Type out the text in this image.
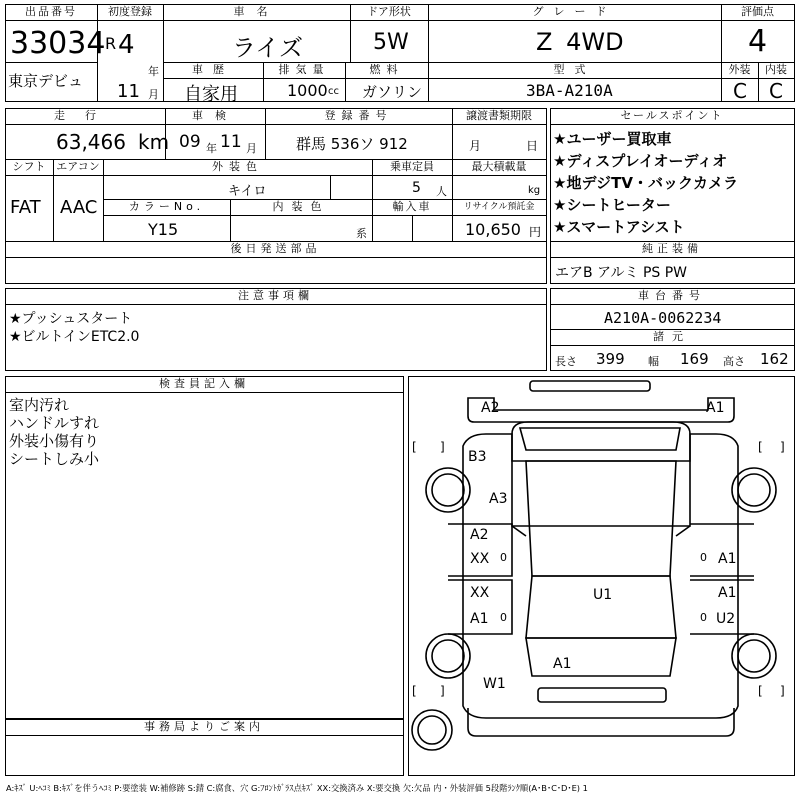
出品番号
33034
東京デビュ
初度登録
R 4
年
11 月
車名
ライズ
ドア形状
5W
グレード
Z 4WD
評価点
4
車歴
自家用
排気量
1000 cc
燃料
ガソリン
型式
3BA-A210A
外装	内装
C C
走行
63,466 km
車検
09 年 11 月
登録番号
群馬 536ソ 912
譲渡書類期限
月	日
シフト
FAT
エアコン
AAC
外装色
キイロ
乗車定員
5 人
最大積載量
kg
カラーNo.
Y15
内装色
系
輸入車	リサイクル預託金
10,650 円
後日発送部品
セールスポイント
★ユーザー買取車
★ディスプレイオーディオ
★地デジTV・バックカメラ
★シートヒーター
★スマートアシスト
純正装備
エアB アルミ PS PW
注意事項欄
★プッシュスタート
★ビルトインETC2.0
車台番号
A210A-0062234
諸元
長さ 399 幅 169 高さ 162
検査員記入欄
室内汚れ
ハンドルすれ
外装小傷有り
シートしみ小
事務局よりご案内
A2	A1
B3
A3
A2
XX
XX
A1
A1
A1
U2
U1
A1
W1
0
0
0
0
[ ]	[ ]
[ ]	[ ]
A:ｷｽﾞ U:ﾍｺﾐ B:ｷｽﾞを伴うﾍｺﾐ P:要塗装 W:補修跡 S:錆 C:腐食、穴 G:ﾌﾛﾝﾄｶﾞﾗｽ点ｷｽﾞ XX:交換済み X:要交換 欠:欠品 内・外装評価 5段階ﾗﾝｸ順(A･B･C･D･E) 1
